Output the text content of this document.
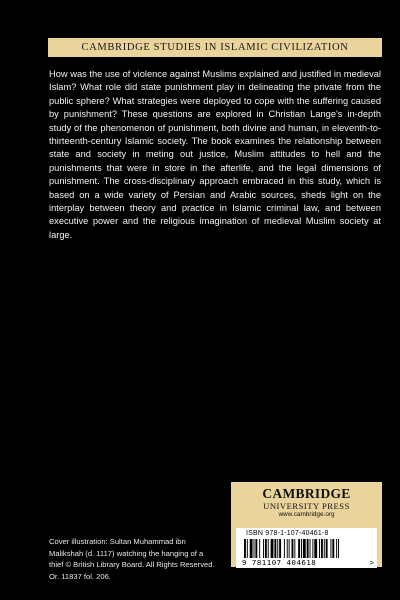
CAMBRIDGE STUDIES IN ISLAMIC CIVILIZATION

How was the use of violence against Muslims explained and justified in medieval Islam? What role did state punishment play in delineating the private from the public sphere? What strategies were deployed to cope with the suffering caused by punishment? These questions are explored in Christian Lange's in-depth study of the phenomenon of punishment, both divine and human, in eleventh-to-thirteenth-century Islamic society. The book examines the relationship between state and society in meting out justice, Muslim attitudes to hell and the punishments that were in store in the afterlife, and the legal dimensions of punishment. The cross-disciplinary approach embraced in this study, which is based on a wide variety of Persian and Arabic sources, sheds light on the interplay between theory and practice in Islamic criminal law, and between executive power and the religious imagination of medieval Muslim society at large.

Cover illustration: Sultan Muhammad ibn Malikshah (d. 1117) watching the hanging of a thief © British Library Board. All Rights Reserved. Or. 11837 fol. 206.

CAMBRIDGE
UNIVERSITY PRESS
www.cambridge.org
ISBN 978-1-107-40461-8
9 781107 404618	>
